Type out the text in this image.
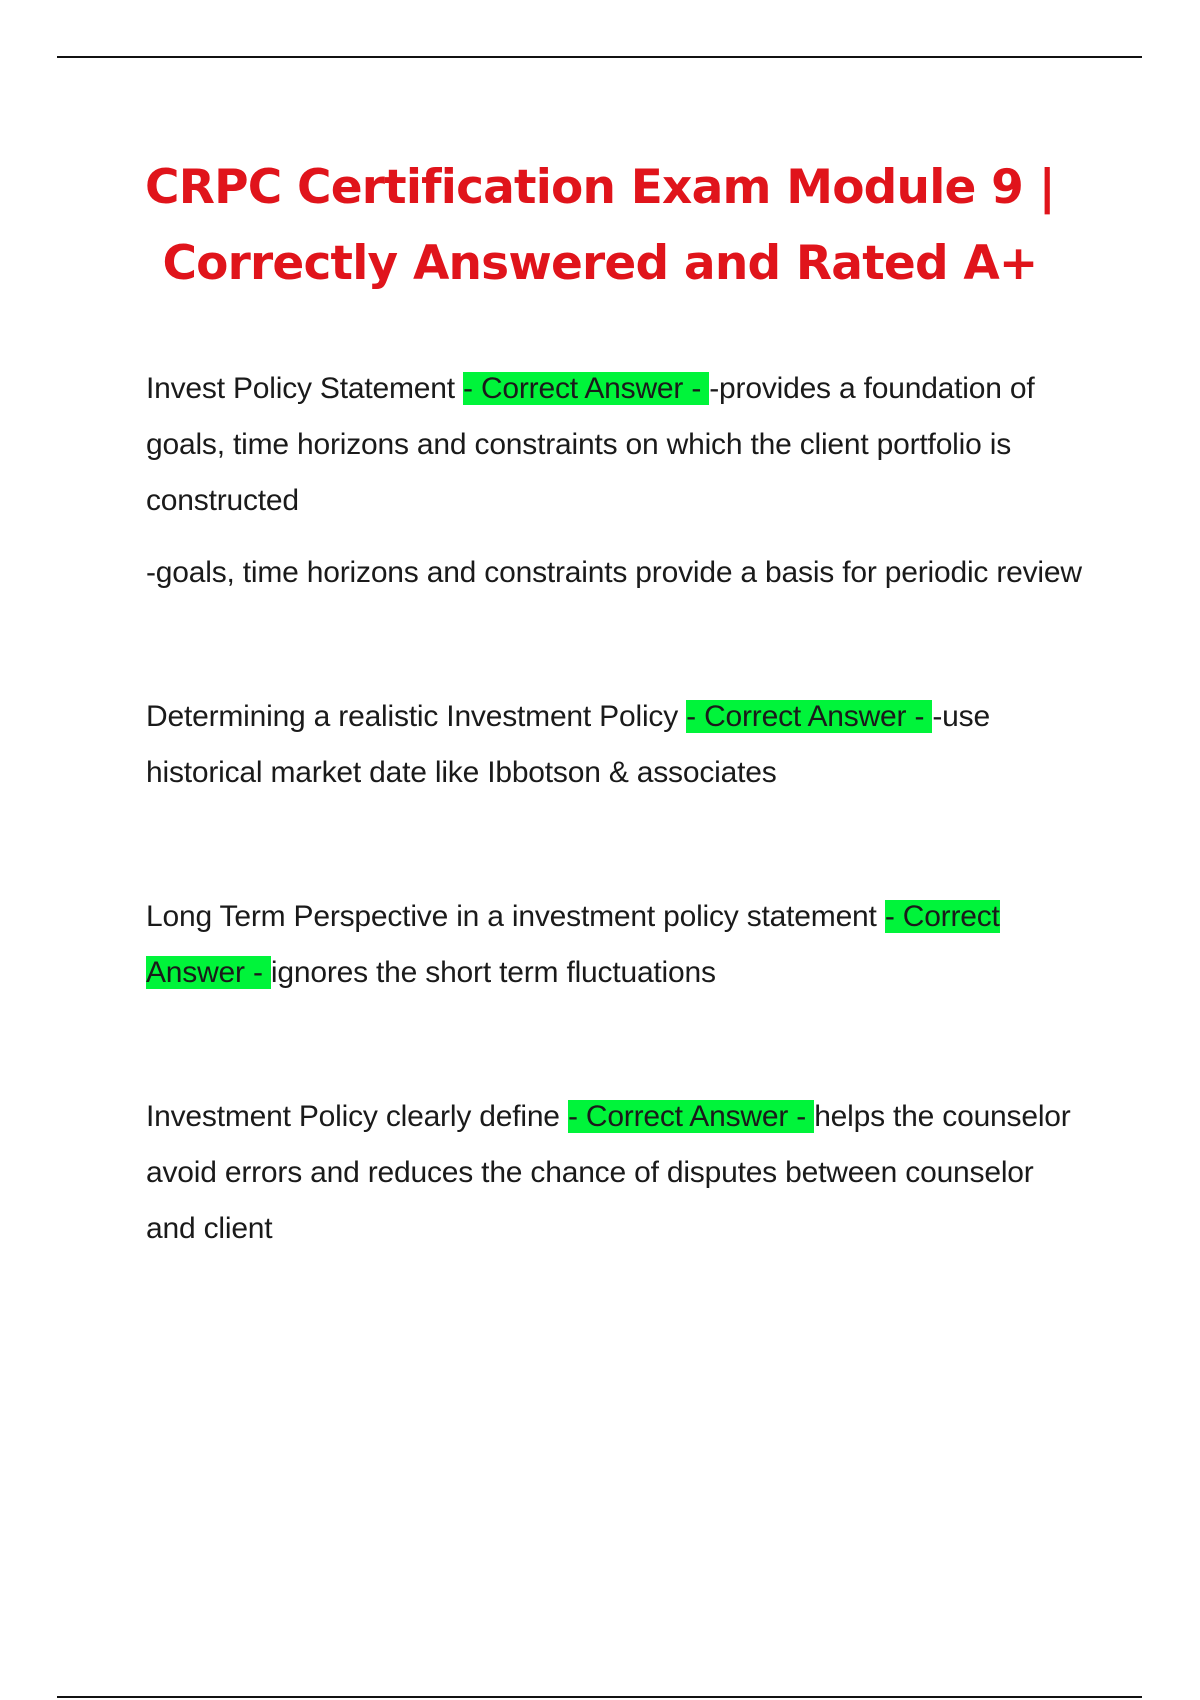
CRPC Certification Exam Module 9 |
Correctly Answered and Rated A+

Invest Policy Statement - Correct Answer - -provides a foundation of goals, time horizons and constraints on which the client portfolio is constructed

-goals, time horizons and constraints provide a basis for periodic review

Determining a realistic Investment Policy - Correct Answer - -use historical market date like Ibbotson & associates

Long Term Perspective in a investment policy statement - Correct Answer - ignores the short term fluctuations

Investment Policy clearly define - Correct Answer - helps the counselor avoid errors and reduces the chance of disputes between counselor and client
